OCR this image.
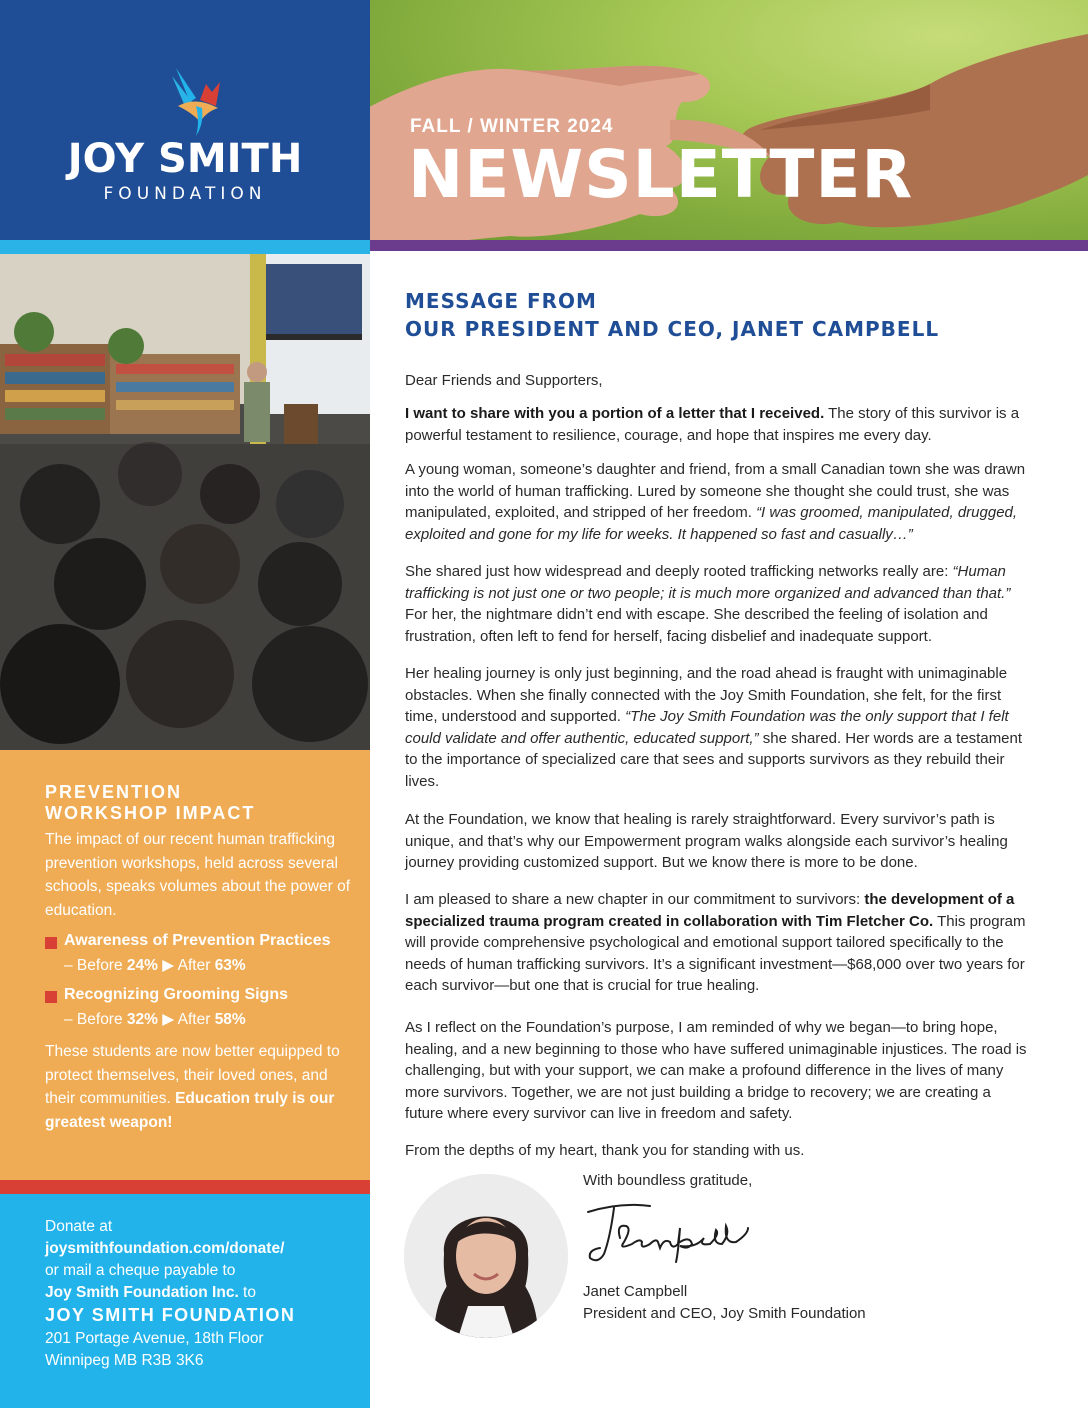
JOY SMITH
FOUNDATION
FALL / WINTER 2024
NEWSLETTER
PREVENTION
WORKSHOP IMPACT
The impact of our recent human trafficking prevention workshops, held across several schools, speaks volumes about the power of education.
Awareness of Prevention Practices
– Before 24% ▶ After 63%
Recognizing Grooming Signs
– Before 32% ▶ After 58%
These students are now better equipped to protect themselves, their loved ones, and their communities. Education truly is our greatest weapon!
Donate at
joysmithfoundation.com/donate/
or mail a cheque payable to
Joy Smith Foundation Inc. to
JOY SMITH FOUNDATION
201 Portage Avenue, 18th Floor
Winnipeg MB R3B 3K6
MESSAGE FROM
OUR PRESIDENT AND CEO, JANET CAMPBELL
Dear Friends and Supporters,
I want to share with you a portion of a letter that I received. The story of this survivor is a powerful testament to resilience, courage, and hope that inspires me every day.
A young woman, someone’s daughter and friend, from a small Canadian town she was drawn into the world of human trafficking. Lured by someone she thought she could trust, she was manipulated, exploited, and stripped of her freedom. “I was groomed, manipulated, drugged, exploited and gone for my life for weeks. It happened so fast and casually…”
She shared just how widespread and deeply rooted trafficking networks really are: “Human trafficking is not just one or two people; it is much more organized and advanced than that.” For her, the nightmare didn’t end with escape. She described the feeling of isolation and frustration, often left to fend for herself, facing disbelief and inadequate support.
Her healing journey is only just beginning, and the road ahead is fraught with unimaginable obstacles. When she finally connected with the Joy Smith Foundation, she felt, for the first time, understood and supported. “The Joy Smith Foundation was the only support that I felt could validate and offer authentic, educated support,” she shared. Her words are a testament to the importance of specialized care that sees and supports survivors as they rebuild their lives.
At the Foundation, we know that healing is rarely straightforward. Every survivor’s path is unique, and that’s why our Empowerment program walks alongside each survivor’s healing journey providing customized support. But we know there is more to be done.
I am pleased to share a new chapter in our commitment to survivors: the development of a specialized trauma program created in collaboration with Tim Fletcher Co. This program will provide comprehensive psychological and emotional support tailored specifically to the needs of human trafficking survivors. It’s a significant investment—$68,000 over two years for each survivor—but one that is crucial for true healing.
As I reflect on the Foundation’s purpose, I am reminded of why we began—to bring hope, healing, and a new beginning to those who have suffered unimaginable injustices. The road is challenging, but with your support, we can make a profound difference in the lives of many more survivors. Together, we are not just building a bridge to recovery; we are creating a future where every survivor can live in freedom and safety.
From the depths of my heart, thank you for standing with us.
With boundless gratitude,
Janet Campbell
President and CEO, Joy Smith Foundation
